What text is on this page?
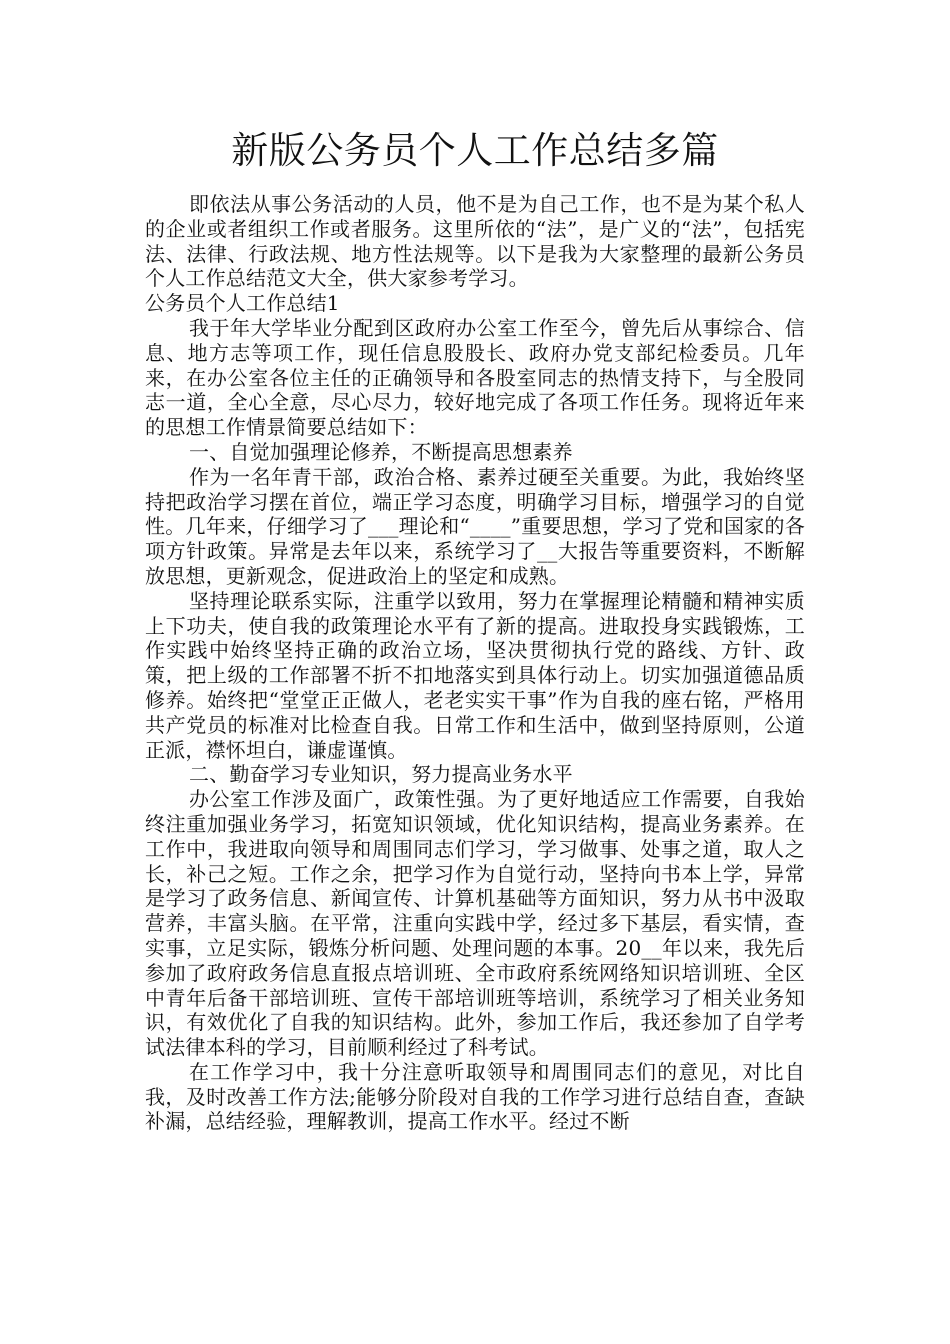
新版公务员个人工作总结多篇

即依法从事公务活动的人员，他不是为自己工作，也不是为某个私人的企业或者组织工作或者服务。这里所依的“法”，是广义的“法”，包括宪法、法律、行政法规、地方性法规等。以下是我为大家整理的最新公务员个人工作总结范文大全，供大家参考学习。

公务员个人工作总结1

我于年大学毕业分配到区政府办公室工作至今，曾先后从事综合、信息、地方志等项工作，现任信息股股长、政府办党支部纪检委员。几年来，在办公室各位主任的正确领导和各股室同志的热情支持下，与全股同志一道，全心全意，尽心尽力，较好地完成了各项工作任务。现将近年来的思想工作情景简要总结如下：

一、自觉加强理论修养，不断提高思想素养

作为一名年青干部，政治合格、素养过硬至关重要。为此，我始终坚持把政治学习摆在首位，端正学习态度，明确学习目标，增强学习的自觉性。几年来，仔细学习了___理论和“____”重要思想，学习了党和国家的各项方针政策。异常是去年以来，系统学习了__大报告等重要资料，不断解放思想，更新观念，促进政治上的坚定和成熟。

坚持理论联系实际，注重学以致用，努力在掌握理论精髓和精神实质上下功夫，使自我的政策理论水平有了新的提高。进取投身实践锻炼，工作实践中始终坚持正确的政治立场，坚决贯彻执行党的路线、方针、政策，把上级的工作部署不折不扣地落实到具体行动上。切实加强道德品质修养。始终把“堂堂正正做人，老老实实干事”作为自我的座右铭，严格用共产党员的标准对比检查自我。日常工作和生活中，做到坚持原则，公道正派，襟怀坦白，谦虚谨慎。

二、勤奋学习专业知识，努力提高业务水平

办公室工作涉及面广，政策性强。为了更好地适应工作需要，自我始终注重加强业务学习，拓宽知识领域，优化知识结构，提高业务素养。在工作中，我进取向领导和周围同志们学习，学习做事、处事之道，取人之长，补己之短。工作之余，把学习作为自觉行动，坚持向书本上学，异常是学习了政务信息、新闻宣传、计算机基础等方面知识，努力从书中汲取营养，丰富头脑。在平常，注重向实践中学，经过多下基层，看实情，查实事，立足实际，锻炼分析问题、处理问题的本事。20__年以来，我先后参加了政府政务信息直报点培训班、全市政府系统网络知识培训班、全区中青年后备干部培训班、宣传干部培训班等培训，系统学习了相关业务知识，有效优化了自我的知识结构。此外，参加工作后，我还参加了自学考试法律本科的学习，目前顺利经过了科考试。

在工作学习中，我十分注意听取领导和周围同志们的意见，对比自我，及时改善工作方法;能够分阶段对自我的工作学习进行总结自查，查缺补漏，总结经验，理解教训，提高工作水平。经过不断
